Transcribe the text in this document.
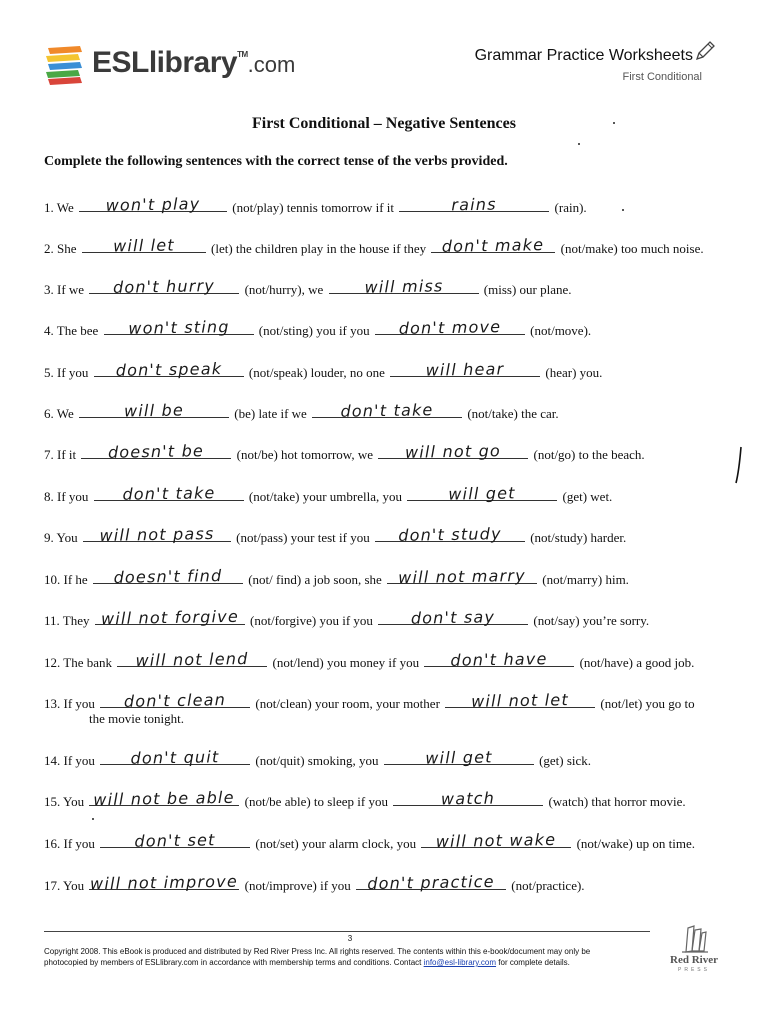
ESLlibrary™.com	Grammar Practice Worksheets
First Conditional
First Conditional – Negative Sentences
Complete the following sentences with the correct tense of the verbs provided.
1. We	won't play	(not/play) tennis tomorrow if it	rains	(rain).
2. She	will let	(let) the children play in the house if they don't make	(not/make) too much noise.
3. If we	don't hurry	(not/hurry), we	will miss	(miss) our plane.
4. The bee	won't sting	(not/sting) you if you	don't move	(not/move).
5. If you	don't speak	(not/speak) louder, no one	will hear	(hear) you.
6. We	will be	(be) late if we	don't take	(not/take) the car.
7. If it	doesn't be	(not/be) hot tomorrow, we	will not go	(not/go) to the beach.
8. If you	don't take	(not/take) your umbrella, you	will get	(get) wet.
9. You	will not pass	(not/pass) your test if you	don't study	(not/study) harder.
10. If he	doesn't find	(not/ find) a job soon, she	will not marry	(not/marry) him.
11. They will not forgive (not/forgive) you if you	don't say	(not/say) you’re sorry.
12. The bank	will not lend	(not/lend) you money if you	don't have	(not/have) a good job.
13. If you	don't clean	(not/clean) your room, your mother	will not let	(not/let) you go to
the movie tonight.
14. If you	don't quit	(not/quit) smoking, you	will get	(get) sick.
15. You will not be able (not/be able) to sleep if you	watch	(watch) that horror movie.
16. If you	don't set	(not/set) your alarm clock, you	will not wake	(not/wake) up on time.
17. You will not improve (not/improve) if you	don't practice	(not/practice).
3
Copyright 2008. This eBook is produced and distributed by Red River Press Inc. All rights reserved. The contents within this e-book/document may only be
photocopied by members of ESLlibrary.com in accordance with membership terms and conditions. Contact info@esl-library.com for complete details.	Red River
PRESS
